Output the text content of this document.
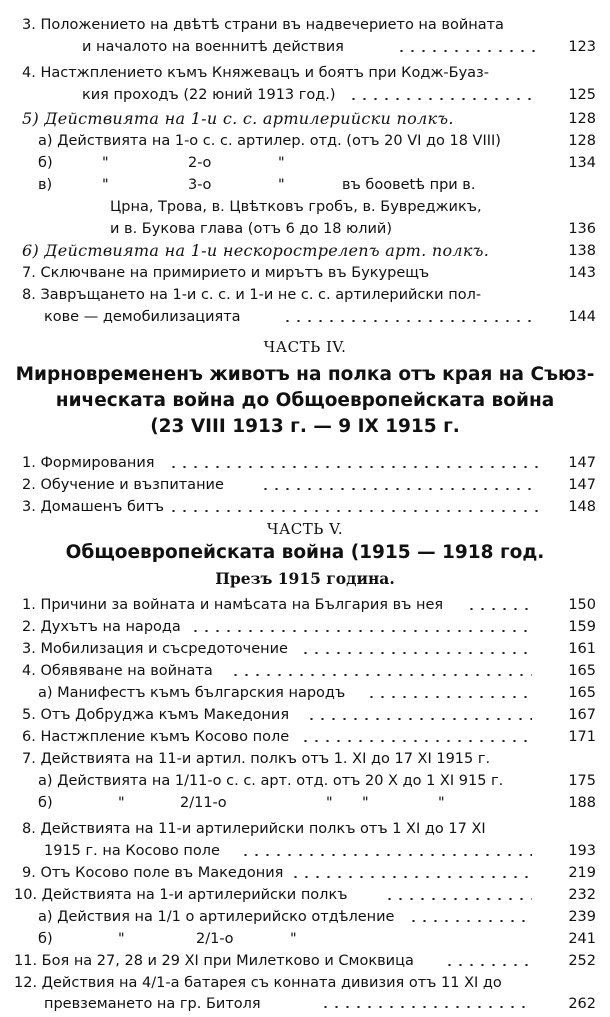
3. Положениeто на двѣтѣ страни въ надвечерието на войната
и началото на военнитѣ действия	123
4. Настжплението къмъ Княжевацъ и боятъ при Кодж-Буаз-
кия проходъ (22 юний 1913 год.)	125
5) Действията на 1-и с. с. артилерийски полкъ.	128
а) Действията на 1-о с. с. артилер. отд. (отъ 20 VI до 18 VIII)	128
б)	"	2-о	"	134
в)	"	3-о	"	въ боовеtѣ при в.
Црна, Трова, в. Цвѣтковъ гробъ, в. Бувреджикъ,
и в. Букова глава (отъ 6 до 18 юлий)	136
6) Действията на 1-и нескорострелепъ арт. полкъ.	138
7. Сключване на примирието и мирътъ въ Букурещъ	143
8. Завръщането на 1-и с. с. и 1-и не с. с. артилерийски пол-
кове — демобилизацията	144
ЧАСТЬ IV.
Мирновремененъ животъ на полка отъ края на Съюз-
ническата война до Общоевропейската война
(23 VIII 1913 г. — 9 IX 1915 г.
1. Формирования	147
2. Обучение и възпитание	147
3. Домашенъ битъ	148
ЧАСТЬ V.
Общоевропейската война (1915 — 1918 год.
Презъ 1915 година.
1. Причини за войната и намѣсата на България въ нея	150
2. Духътъ на народа	159
3. Мобилизация и съсредоточение	161
4. Обявяване на войната	165
а) Манифестъ къмъ българския народъ	165
5. Отъ Добруджа къмъ Македония	167
6. Настжпление къмъ Косово поле	171
7. Действията на 11-и артил. полкъ отъ 1. XI до 17 XI 1915 г.
а) Действията на 1/11-о с. с. арт. отд. отъ 20 X до 1 XI 915 г.	175
б)	"	2/11-о	" "	"	188
8. Действията на 11-и артилерийски полкъ отъ 1 XI до 17 XI
1915 г. на Косово поле	193
9. Отъ Косово поле въ Македония	219
10. Действията на 1-и артилерийски полкъ	232
а) Действия на 1/1 о артилерийско отдѣление	239
б)	"	2/1-о	"	241
11. Боя на 27, 28 и 29 XI при Милетково и Смоквица	252
12. Действия на 4/1-а батарея съ конната дивизия отъ 11 XI до
превземането на гр. Битоля	262
